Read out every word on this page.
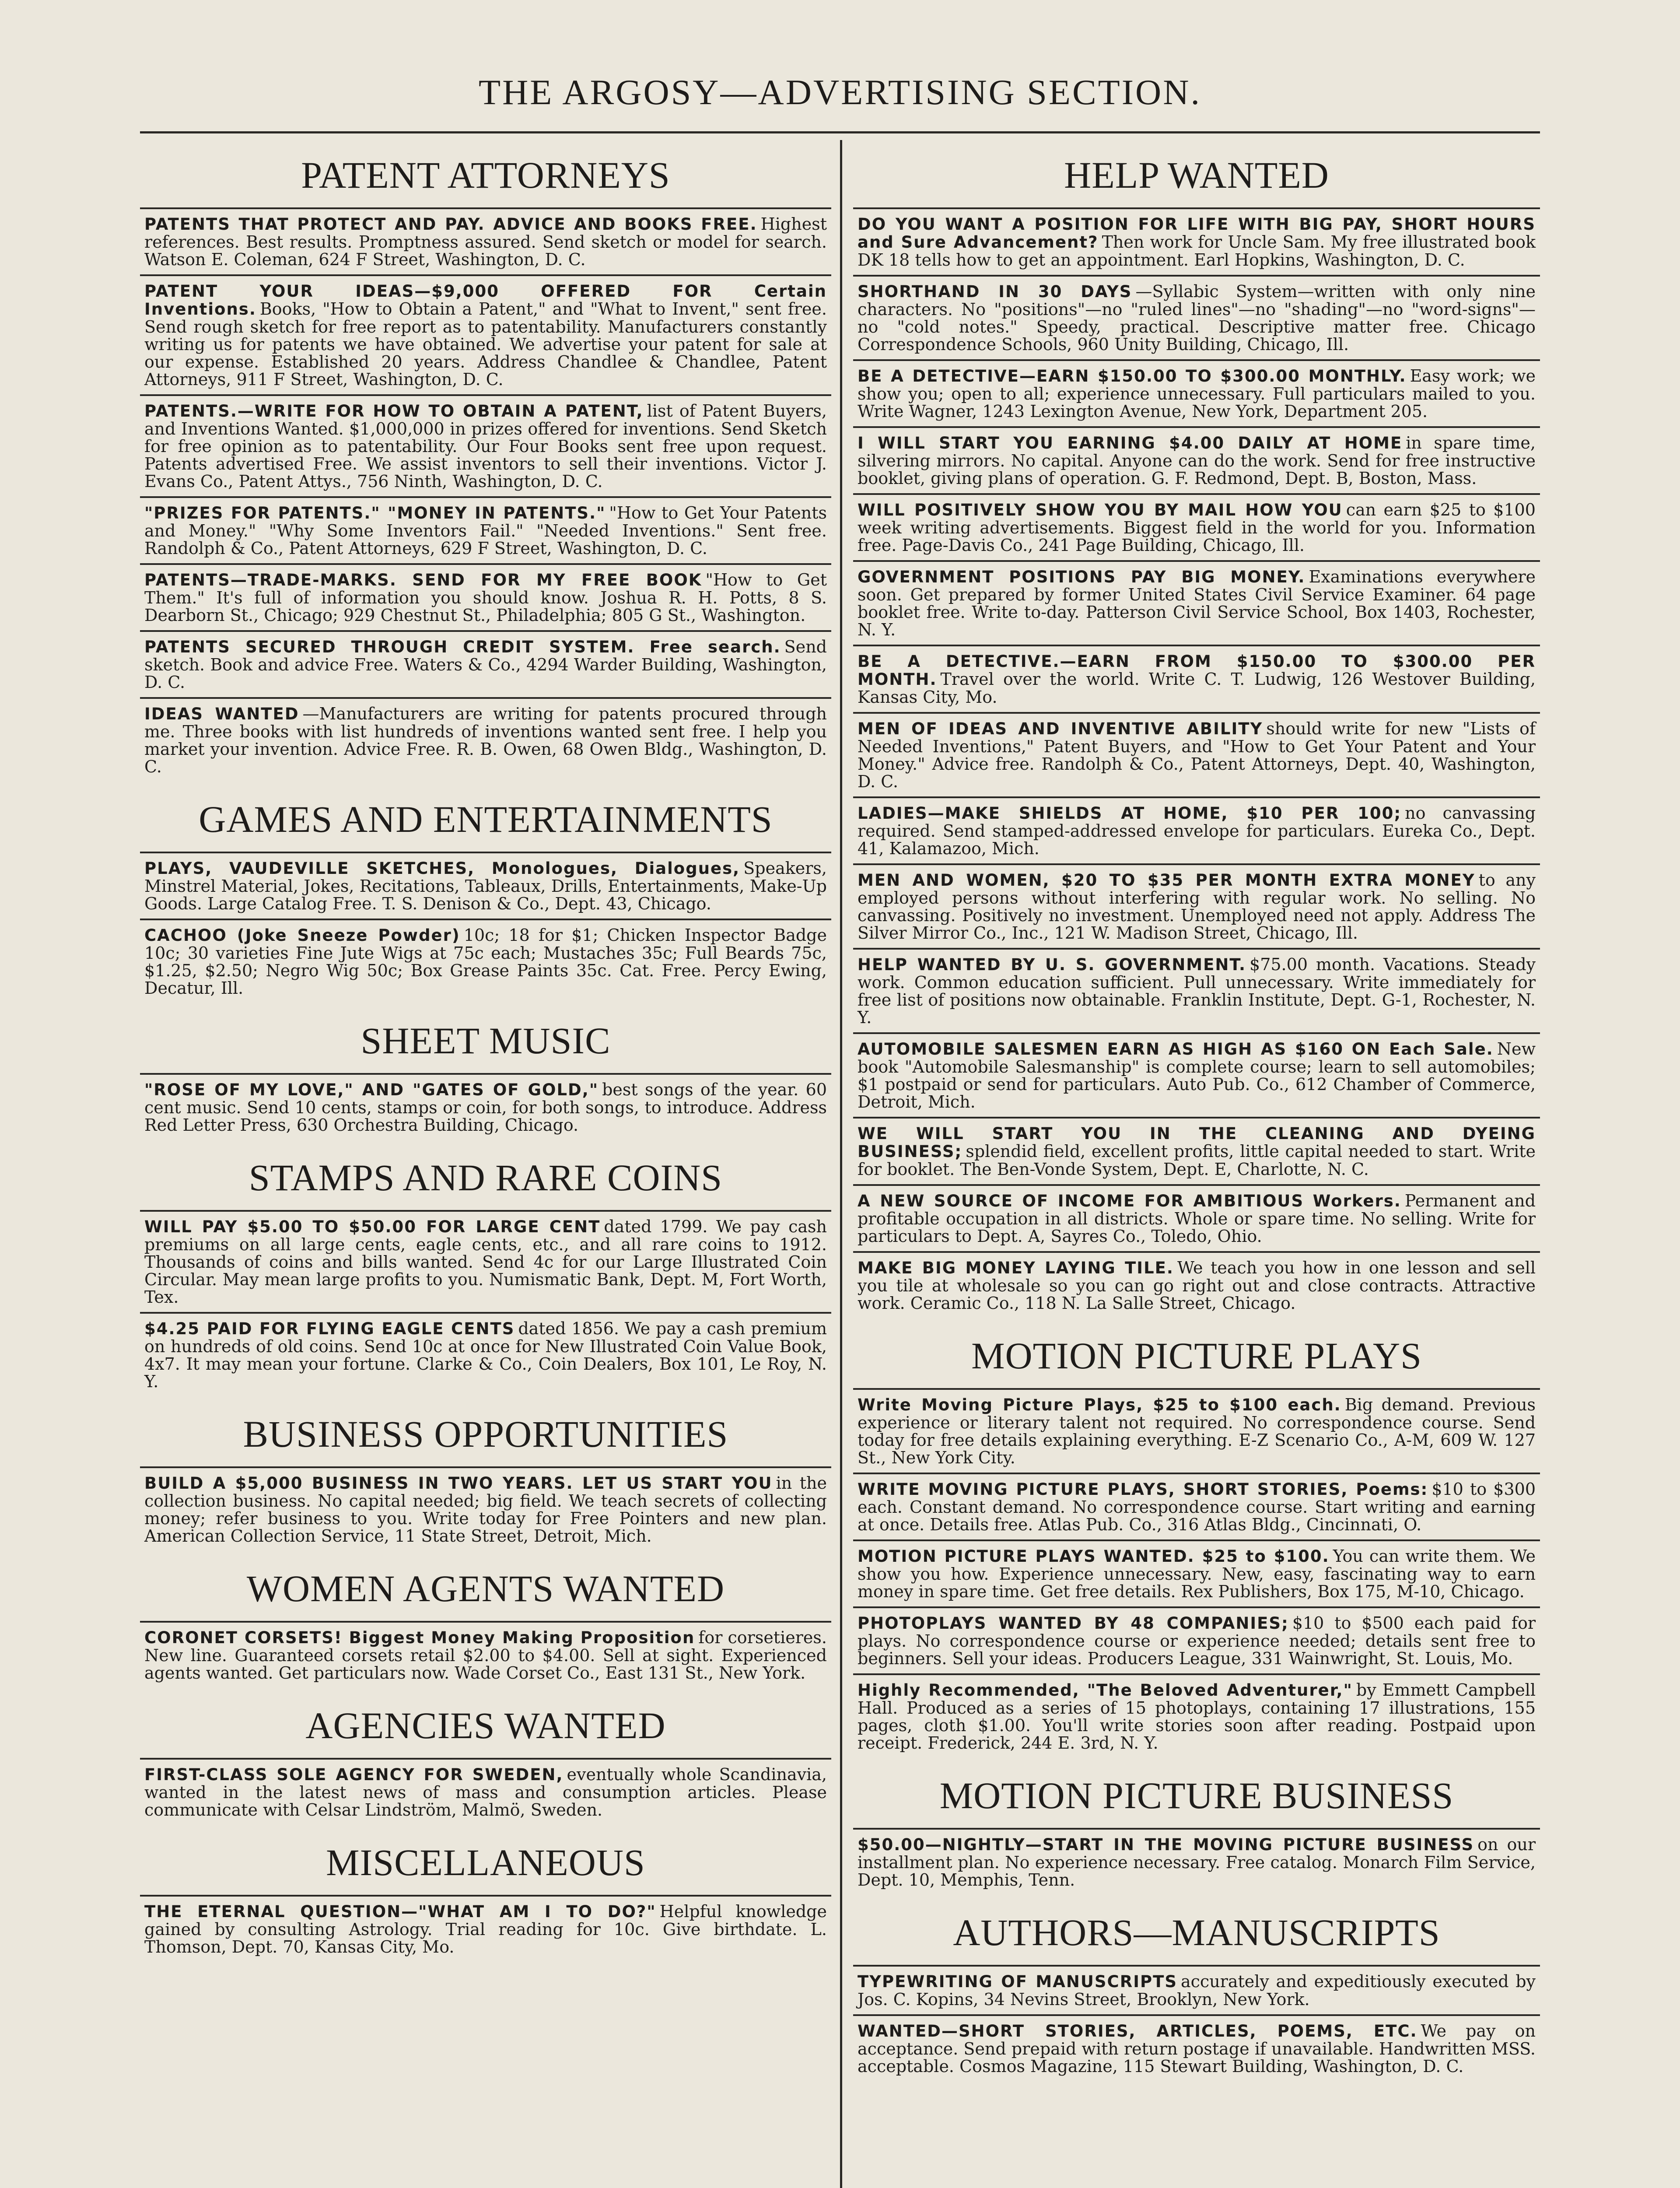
THE ARGOSY—ADVERTISING SECTION.
PATENT ATTORNEYS
PATENTS THAT PROTECT AND PAY. ADVICE AND BOOKS FREE. Highest references. Best results. Promptness assured. Send sketch or model for search. Watson E. Coleman, 624 F Street, Washington, D. C.
PATENT YOUR IDEAS—$9,000 OFFERED FOR Certain Inventions. Books, "How to Obtain a Patent," and "What to Invent," sent free. Send rough sketch for free report as to patentability. Manufacturers constantly writing us for patents we have obtained. We advertise your patent for sale at our expense. Established 20 years. Address Chandlee & Chandlee, Patent Attorneys, 911 F Street, Washington, D. C.
PATENTS.—WRITE FOR HOW TO OBTAIN A PATENT, list of Patent Buyers, and Inventions Wanted. $1,000,000 in prizes offered for inventions. Send Sketch for free opinion as to patentability. Our Four Books sent free upon request. Patents advertised Free. We assist inventors to sell their inventions. Victor J. Evans Co., Patent Attys., 756 Ninth, Washington, D. C.
"PRIZES FOR PATENTS." "MONEY IN PATENTS." "How to Get Your Patents and Money." "Why Some Inventors Fail." "Needed Inventions." Sent free. Randolph & Co., Patent Attorneys, 629 F Street, Washington, D. C.
PATENTS—TRADE-MARKS. SEND FOR MY FREE BOOK "How to Get Them." It's full of information you should know. Joshua R. H. Potts, 8 S. Dearborn St., Chicago; 929 Chestnut St., Philadelphia; 805 G St., Washington.
PATENTS SECURED THROUGH CREDIT SYSTEM. Free search. Send sketch. Book and advice Free. Waters & Co., 4294 Warder Building, Washington, D. C.
IDEAS WANTED —Manufacturers are writing for patents procured through me. Three books with list hundreds of inventions wanted sent free. I help you market your invention. Advice Free. R. B. Owen, 68 Owen Bldg., Washington, D. C.
GAMES AND ENTERTAINMENTS
PLAYS, VAUDEVILLE SKETCHES, Monologues, Dialogues, Speakers, Minstrel Material, Jokes, Recitations, Tableaux, Drills, Entertainments, Make-Up Goods. Large Catalog Free. T. S. Denison & Co., Dept. 43, Chicago.
CACHOO (Joke Sneeze Powder) 10c; 18 for $1; Chicken Inspector Badge 10c; 30 varieties Fine Jute Wigs at 75c each; Mustaches 35c; Full Beards 75c, $1.25, $2.50; Negro Wig 50c; Box Grease Paints 35c. Cat. Free. Percy Ewing, Decatur, Ill.
SHEET MUSIC
"ROSE OF MY LOVE," AND "GATES OF GOLD," best songs of the year. 60 cent music. Send 10 cents, stamps or coin, for both songs, to introduce. Address Red Letter Press, 630 Orchestra Building, Chicago.
STAMPS AND RARE COINS
WILL PAY $5.00 TO $50.00 FOR LARGE CENT dated 1799. We pay cash premiums on all large cents, eagle cents, etc., and all rare coins to 1912. Thousands of coins and bills wanted. Send 4c for our Large Illustrated Coin Circular. May mean large profits to you. Numismatic Bank, Dept. M, Fort Worth, Tex.
$4.25 PAID FOR FLYING EAGLE CENTS dated 1856. We pay a cash premium on hundreds of old coins. Send 10c at once for New Illustrated Coin Value Book, 4x7. It may mean your fortune. Clarke & Co., Coin Dealers, Box 101, Le Roy, N. Y.
BUSINESS OPPORTUNITIES
BUILD A $5,000 BUSINESS IN TWO YEARS. LET US START YOU in the collection business. No capital needed; big field. We teach secrets of collecting money; refer business to you. Write today for Free Pointers and new plan. American Collection Service, 11 State Street, Detroit, Mich.
WOMEN AGENTS WANTED
CORONET CORSETS! Biggest Money Making Proposition for corsetieres. New line. Guaranteed corsets retail $2.00 to $4.00. Sell at sight. Experienced agents wanted. Get particulars now. Wade Corset Co., East 131 St., New York.
AGENCIES WANTED
FIRST-CLASS SOLE AGENCY FOR SWEDEN, eventually whole Scandinavia, wanted in the latest news of mass and consumption articles. Please communicate with Celsar Lindström, Malmö, Sweden.
MISCELLANEOUS
THE ETERNAL QUESTION—"WHAT AM I TO DO?" Helpful knowledge gained by consulting Astrology. Trial reading for 10c. Give birthdate. L. Thomson, Dept. 70, Kansas City, Mo.
HELP WANTED
DO YOU WANT A POSITION FOR LIFE WITH BIG PAY, SHORT HOURS and Sure Advancement? Then work for Uncle Sam. My free illustrated book DK 18 tells how to get an appointment. Earl Hopkins, Washington, D. C.
SHORTHAND IN 30 DAYS —Syllabic System—written with only nine characters. No "positions"—no "ruled lines"—no "shading"—no "word-signs"—no "cold notes." Speedy, practical. Descriptive matter free. Chicago Correspondence Schools, 960 Unity Building, Chicago, Ill.
BE A DETECTIVE—EARN $150.00 TO $300.00 MONTHLY. Easy work; we show you; open to all; experience unnecessary. Full particulars mailed to you. Write Wagner, 1243 Lexington Avenue, New York, Department 205.
I WILL START YOU EARNING $4.00 DAILY AT HOME in spare time, silvering mirrors. No capital. Anyone can do the work. Send for free instructive booklet, giving plans of operation. G. F. Redmond, Dept. B, Boston, Mass.
WILL POSITIVELY SHOW YOU BY MAIL HOW YOU can earn $25 to $100 week writing advertisements. Biggest field in the world for you. Information free. Page-Davis Co., 241 Page Building, Chicago, Ill.
GOVERNMENT POSITIONS PAY BIG MONEY. Examinations everywhere soon. Get prepared by former United States Civil Service Examiner. 64 page booklet free. Write to-day. Patterson Civil Service School, Box 1403, Rochester, N. Y.
BE A DETECTIVE.—EARN FROM $150.00 TO $300.00 PER MONTH. Travel over the world. Write C. T. Ludwig, 126 Westover Building, Kansas City, Mo.
MEN OF IDEAS AND INVENTIVE ABILITY should write for new "Lists of Needed Inventions," Patent Buyers, and "How to Get Your Patent and Your Money." Advice free. Randolph & Co., Patent Attorneys, Dept. 40, Washington, D. C.
LADIES—MAKE SHIELDS AT HOME, $10 PER 100; no canvassing required. Send stamped-addressed envelope for particulars. Eureka Co., Dept. 41, Kalamazoo, Mich.
MEN AND WOMEN, $20 TO $35 PER MONTH EXTRA MONEY to any employed persons without interfering with regular work. No selling. No canvassing. Positively no investment. Unemployed need not apply. Address The Silver Mirror Co., Inc., 121 W. Madison Street, Chicago, Ill.
HELP WANTED BY U. S. GOVERNMENT. $75.00 month. Vacations. Steady work. Common education sufficient. Pull unnecessary. Write immediately for free list of positions now obtainable. Franklin Institute, Dept. G-1, Rochester, N. Y.
AUTOMOBILE SALESMEN EARN AS HIGH AS $160 ON Each Sale. New book "Automobile Salesmanship" is complete course; learn to sell automobiles; $1 postpaid or send for particulars. Auto Pub. Co., 612 Chamber of Commerce, Detroit, Mich.
WE WILL START YOU IN THE CLEANING AND DYEING BUSINESS; splendid field, excellent profits, little capital needed to start. Write for booklet. The Ben-Vonde System, Dept. E, Charlotte, N. C.
A NEW SOURCE OF INCOME FOR AMBITIOUS Workers. Permanent and profitable occupation in all districts. Whole or spare time. No selling. Write for particulars to Dept. A, Sayres Co., Toledo, Ohio.
MAKE BIG MONEY LAYING TILE. We teach you how in one lesson and sell you tile at wholesale so you can go right out and close contracts. Attractive work. Ceramic Co., 118 N. La Salle Street, Chicago.
MOTION PICTURE PLAYS
Write Moving Picture Plays, $25 to $100 each. Big demand. Previous experience or literary talent not required. No correspondence course. Send today for free details explaining everything. E-Z Scenario Co., A-M, 609 W. 127 St., New York City.
WRITE MOVING PICTURE PLAYS, SHORT STORIES, Poems: $10 to $300 each. Constant demand. No correspondence course. Start writing and earning at once. Details free. Atlas Pub. Co., 316 Atlas Bldg., Cincinnati, O.
MOTION PICTURE PLAYS WANTED. $25 to $100. You can write them. We show you how. Experience unnecessary. New, easy, fascinating way to earn money in spare time. Get free details. Rex Publishers, Box 175, M-10, Chicago.
PHOTOPLAYS WANTED BY 48 COMPANIES; $10 to $500 each paid for plays. No correspondence course or experience needed; details sent free to beginners. Sell your ideas. Producers League, 331 Wainwright, St. Louis, Mo.
Highly Recommended, "The Beloved Adventurer," by Emmett Campbell Hall. Produced as a series of 15 photoplays, containing 17 illustrations, 155 pages, cloth $1.00. You'll write stories soon after reading. Postpaid upon receipt. Frederick, 244 E. 3rd, N. Y.
MOTION PICTURE BUSINESS
$50.00—NIGHTLY—START IN THE MOVING PICTURE BUSINESS on our installment plan. No experience necessary. Free catalog. Monarch Film Service, Dept. 10, Memphis, Tenn.
AUTHORS—MANUSCRIPTS
TYPEWRITING OF MANUSCRIPTS accurately and expeditiously executed by Jos. C. Kopins, 34 Nevins Street, Brooklyn, New York.
WANTED—SHORT STORIES, ARTICLES, POEMS, ETC. We pay on acceptance. Send prepaid with return postage if unavailable. Handwritten MSS. acceptable. Cosmos Magazine, 115 Stewart Building, Washington, D. C.
